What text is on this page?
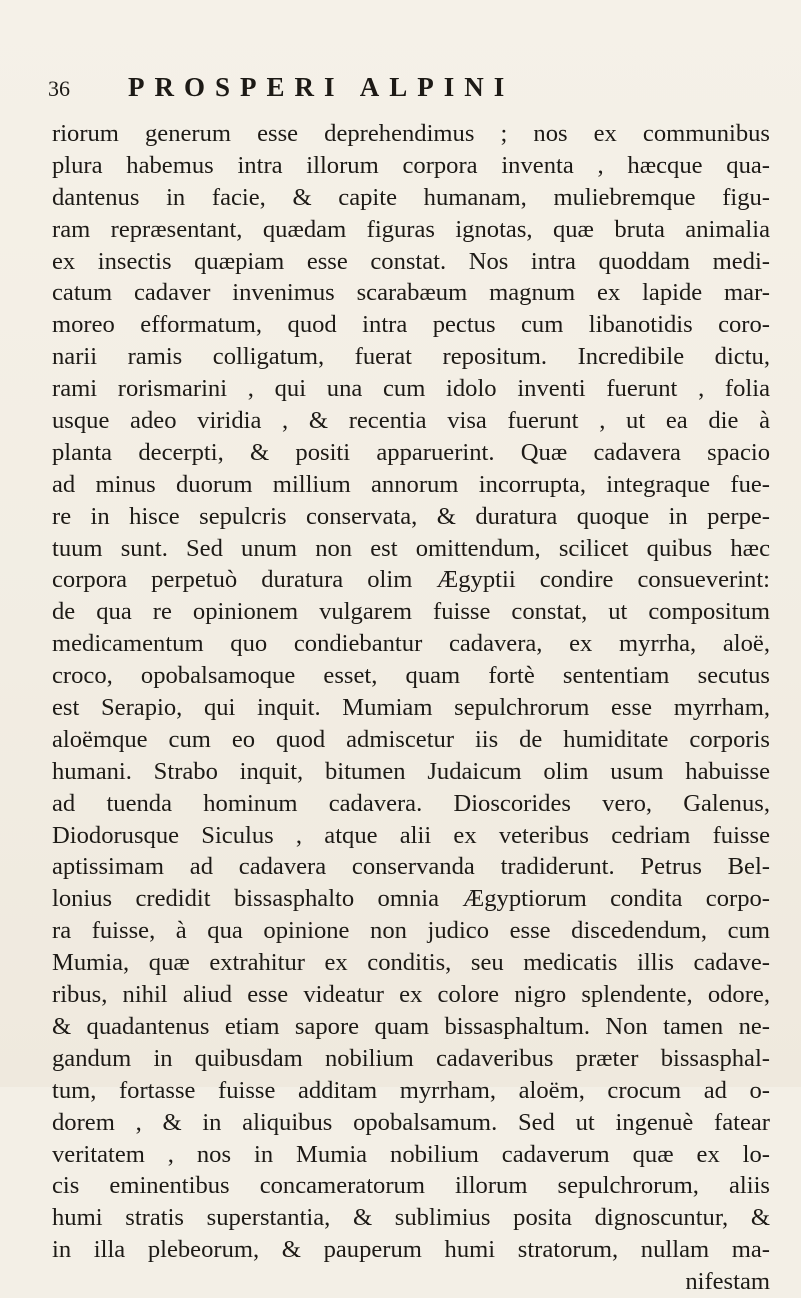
36 PROSPERI ALPINI
riorum generum esse deprehendimus ; nos ex communibus
plura habemus intra illorum corpora inventa , hæcque qua-
dantenus in facie, & capite humanam, muliebremque figu-
ram repræsentant, quædam figuras ignotas, quæ bruta animalia
ex insectis quæpiam esse constat. Nos intra quoddam medi-
catum cadaver invenimus scarabæum magnum ex lapide mar-
moreo efformatum, quod intra pectus cum libanotidis coro-
narii ramis colligatum, fuerat repositum. Incredibile dictu,
rami rorismarini , qui una cum idolo inventi fuerunt , folia
usque adeo viridia , & recentia visa fuerunt , ut ea die à
planta decerpti, & positi apparuerint. Quæ cadavera spacio
ad minus duorum millium annorum incorrupta, integraque fue-
re in hisce sepulcris conservata, & duratura quoque in perpe-
tuum sunt. Sed unum non est omittendum, scilicet quibus hæc
corpora perpetuò duratura olim Ægyptii condire consueverint:
de qua re opinionem vulgarem fuisse constat, ut compositum
medicamentum quo condiebantur cadavera, ex myrrha, aloë,
croco, opobalsamoque esset, quam fortè sententiam secutus
est Serapio, qui inquit. Mumiam sepulchrorum esse myrrham,
aloëmque cum eo quod admiscetur iis de humiditate corporis
humani. Strabo inquit, bitumen Judaicum olim usum habuisse
ad tuenda hominum cadavera. Dioscorides vero, Galenus,
Diodorusque Siculus , atque alii ex veteribus cedriam fuisse
aptissimam ad cadavera conservanda tradiderunt. Petrus Bel-
lonius credidit bissasphalto omnia Ægyptiorum condita corpo-
ra fuisse, à qua opinione non judico esse discedendum, cum
Mumia, quæ extrahitur ex conditis, seu medicatis illis cadave-
ribus, nihil aliud esse videatur ex colore nigro splendente, odore,
& quadantenus etiam sapore quam bissasphaltum. Non tamen ne-
gandum in quibusdam nobilium cadaveribus præter bissasphal-
tum, fortasse fuisse additam myrrham, aloëm, crocum ad o-
dorem , & in aliquibus opobalsamum. Sed ut ingenuè fatear
veritatem , nos in Mumia nobilium cadaverum quæ ex lo-
cis eminentibus concameratorum illorum sepulchrorum, aliis
humi stratis superstantia, & sublimius posita dignoscuntur, &
in illa plebeorum, & pauperum humi stratorum, nullam ma-
nifestam
